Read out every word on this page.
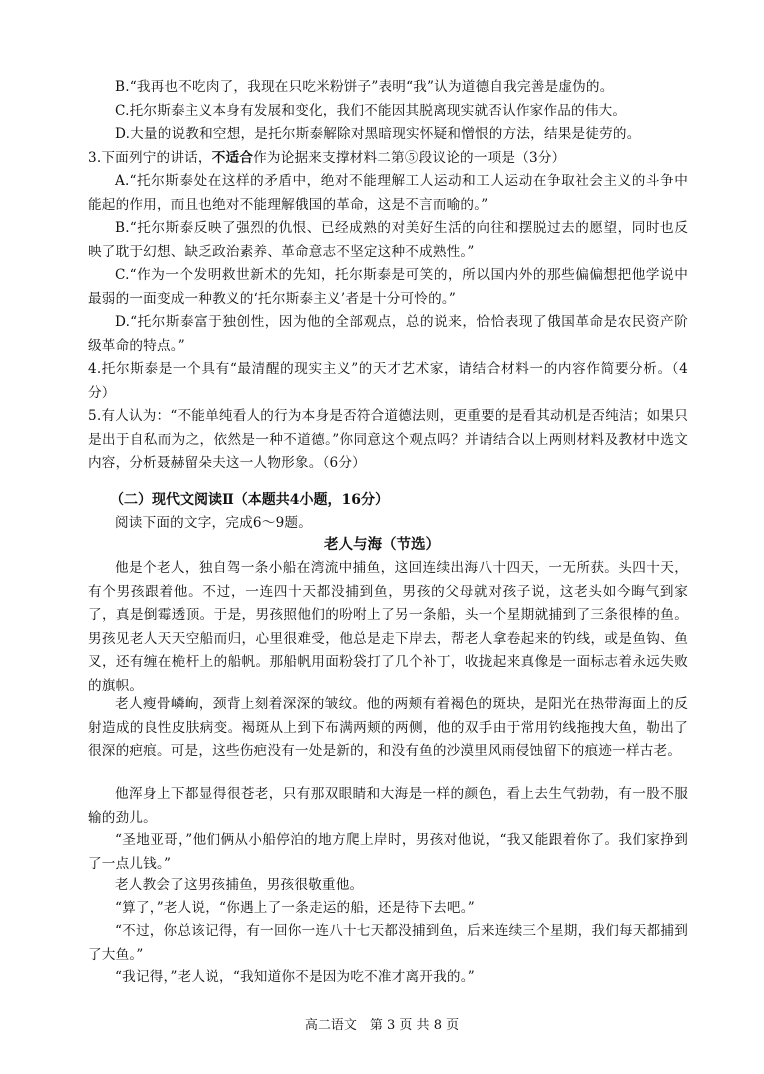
B.“我再也不吃肉了，我现在只吃米粉饼子”表明“我”认为道德自我完善是虚伪的。

C.托尔斯泰主义本身有发展和变化，我们不能因其脱离现实就否认作家作品的伟大。

D.大量的说教和空想，是托尔斯泰解除对黑暗现实怀疑和憎恨的方法，结果是徒劳的。

3.下面列宁的讲话，不适合作为论据来支撑材料二第⑤段议论的一项是（3分）

A.“托尔斯泰处在这样的矛盾中，绝对不能理解工人运动和工人运动在争取社会主义的斗争中能起的作用，而且也绝对不能理解俄国的革命，这是不言而喻的。”

B.“托尔斯泰反映了强烈的仇恨、已经成熟的对美好生活的向往和摆脱过去的愿望，同时也反映了耽于幻想、缺乏政治素养、革命意志不坚定这种不成熟性。”

C.“作为一个发明救世新术的先知，托尔斯泰是可笑的，所以国内外的那些偏偏想把他学说中最弱的一面变成一种教义的‘托尔斯泰主义’者是十分可怜的。”

D.“托尔斯泰富于独创性，因为他的全部观点，总的说来，恰恰表现了俄国革命是农民资产阶级革命的特点。”

4.托尔斯泰是一个具有“最清醒的现实主义”的天才艺术家，请结合材料一的内容作简要分析。（4分）

5.有人认为：“不能单纯看人的行为本身是否符合道德法则，更重要的是看其动机是否纯洁；如果只是出于自私而为之，依然是一种不道德。”你同意这个观点吗？并请结合以上两则材料及教材中选文内容，分析聂赫留朵夫这一人物形象。（6分）

（二）现代文阅读Ⅱ（本题共4小题，16分）

阅读下面的文字，完成6～9题。

老人与海（节选）

他是个老人，独自驾一条小船在湾流中捕鱼，这回连续出海八十四天，一无所获。头四十天，有个男孩跟着他。不过，一连四十天都没捕到鱼，男孩的父母就对孩子说，这老头如今晦气到家了，真是倒霉透顶。于是，男孩照他们的吩咐上了另一条船，头一个星期就捕到了三条很棒的鱼。男孩见老人天天空船而归，心里很难受，他总是走下岸去，帮老人拿卷起来的钓线，或是鱼钩、鱼叉，还有缠在桅杆上的船帆。那船帆用面粉袋打了几个补丁，收拢起来真像是一面标志着永远失败的旗帜。

老人瘦骨嶙峋，颈背上刻着深深的皱纹。他的两颊有着褐色的斑块，是阳光在热带海面上的反射造成的良性皮肤病变。褐斑从上到下布满两颊的两侧，他的双手由于常用钓线拖拽大鱼，勒出了很深的疤痕。可是，这些伤疤没有一处是新的，和没有鱼的沙漠里风雨侵蚀留下的痕迹一样古老。

他浑身上下都显得很苍老，只有那双眼睛和大海是一样的颜色，看上去生气勃勃，有一股不服输的劲儿。

“圣地亚哥，”他们俩从小船停泊的地方爬上岸时，男孩对他说，“我又能跟着你了。我们家挣到了一点儿钱。”

老人教会了这男孩捕鱼，男孩很敬重他。

“算了，”老人说，“你遇上了一条走运的船，还是待下去吧。”

“不过，你总该记得，有一回你一连八十七天都没捕到鱼，后来连续三个星期，我们每天都捕到了大鱼。”

“我记得，”老人说，“我知道你不是因为吃不准才离开我的。”

高二语文　第 3 页 共 8 页
